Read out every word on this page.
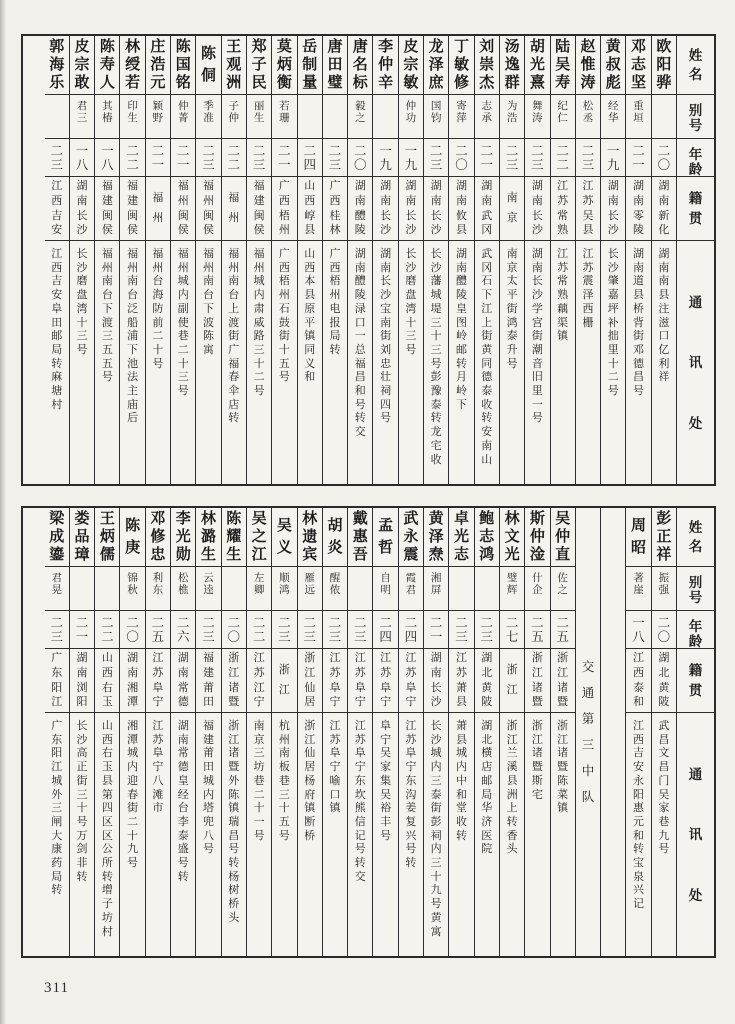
姓
名
别
号
年
龄
籍
贯
通
讯
处
欧
阳
骅
二
〇
湖
南
新
化
湖
南
南
县
注
滋
口
亿
利
祥
邓
志
坚
重
垣
二
一
湖
南
零
陵
湖
南
道
县
桥
背
街
邓
德
昌
号
黄
叔
彪
经
华
一
九
湖
南
长
沙
长
沙
肇
嘉
坪
补
拙
里
十
二
号
赵
惟
涛
松
丞
二
三
江
苏
吴
县
江
苏
震
泽
西
栅
陆
吴
寿
纪
仁
二
二
江
苏
常
熟
江
苏
常
熟
藕
渠
镇
胡
光
熹
舞
涛
二
三
湖
南
长
沙
湖
南
长
沙
学
宫
街
潮
音
旧
里
一
号
汤
逸
群
为
浩
二
三
南
京
南
京
太
平
街
鸿
泰
升
号
刘
崇
杰
志
承
二
一
湖
南
武
冈
武
冈
石
下
江
上
街
黄
同
德
泰
收
转
安
南
山
丁
敏
修
寄
萍
二
〇
湖
南
攸
县
湖
南
醴
陵
皇
图
岭
邮
转
月
岭
下
龙
泽
庶
国
钧
二
三
湖
南
长
沙
长
沙
藩
城
堤
三
十
三
号
彭
豫
泰
转
龙
宅
收
皮
宗
敏
仲
功
一
九
湖
南
长
沙
长
沙
磨
盘
湾
十
三
号
李
仲
辛
一
九
湖
南
长
沙
湖
南
长
沙
宝
南
街
刘
忠
壮
祠
四
号
唐
名
标
毅
之
二
〇
湖
南
醴
陵
湖
南
醴
陵
渌
口
一
总
福
昌
和
号
转
交
唐
田
璧
二
三
广
西
桂
林
广
西
梧
州
电
报
局
转
岳
制
量
二
四
山
西
崞
县
山
西
本
县
原
平
镇
同
义
和
莫
炳
衡
若
珊
二
一
广
西
梧
州
广
西
梧
州
石
鼓
街
十
五
号
郑
子
民
丽
生
二
三
福
建
闽
侯
福
州
城
内
肃
威
路
三
十
二
号
王
观
洲
子
仲
二
二
福
州
福
州
南
台
上
渡
街
广
福
春
伞
店
转
陈
侗
季
准
二
三
福
州
闽
侯
福
州
南
台
下
波
陈
寓
陈
国
铭
仲
菁
二
一
福
州
闽
侯
福
州
城
内
副
使
巷
二
十
三
号
庄
浩
元
颖
野
二
一
福
州
福
州
台
海
防
前
二
十
号
林
绶
若
印
生
二
二
福
建
闽
侯
福
州
南
台
泛
船
浦
下
池
法
主
庙
后
陈
寿
人
其
椿
一
八
福
建
闽
侯
福
州
南
台
下
渡
三
五
五
号
皮
宗
敢
君
三
一
八
湖
南
长
沙
长
沙
磨
盘
湾
十
三
号
郭
海
乐
二
三
江
西
吉
安
江
西
吉
安
阜
田
邮
局
转
麻
塘
村
姓
名
别
号
年
龄
籍
贯
通
讯
处
彭
正
祥
振
强
二
〇
湖
北
黄
陂
武
昌
文
昌
门
吴
家
巷
九
号
周
昭
著
崖
一
八
江
西
泰
和
江
西
吉
安
永
阳
惠
元
和
转
宝
泉
兴
记
交
通
第
三
中
队
吴
仲
直
佐
之
二
五
浙
江
诸
暨
浙
江
诸
暨
陈
菜
镇
斯
仲
淦
什
企
二
五
浙
江
诸
暨
浙
江
诸
暨
斯
宅
林
文
光
璧
辉
二
七
浙
江
浙
江
兰
溪
县
洲
上
转
香
头
鲍
志
鸿
二
三
湖
北
黄
陂
湖
北
横
店
邮
局
华
济
医
院
卓
光
志
二
三
江
苏
萧
县
萧
县
城
内
中
和
堂
收
转
黄
泽
焘
湘
屏
二
一
湖
南
长
沙
长
沙
城
内
三
泰
街
彭
祠
内
三
十
九
号
黄
寓
武
永
震
霞
君
二
四
江
苏
阜
宁
江
苏
阜
宁
东
沟
姜
复
兴
号
转
孟
哲
自
明
二
四
江
苏
阜
宁
阜
宁
吴
家
集
吴
裕
丰
号
戴
惠
吾
二
三
江
苏
阜
宁
江
苏
阜
宁
东
坎
熊
信
记
号
转
交
胡
炎
醒
侬
二
三
江
苏
阜
宁
江
苏
阜
宁
喻
口
镇
林
遗
宾
雁
远
二
三
浙
江
仙
居
浙
江
仙
居
杨
府
镇
断
桥
吴
义
顺
鸿
二
三
浙
江
杭
州
南
板
巷
三
十
五
号
吴
之
江
左
卿
二
二
江
苏
江
宁
南
京
三
坊
巷
二
十
一
号
陈
耀
生
二
〇
浙
江
诸
暨
浙
江
诸
暨
外
陈
镇
瑞
昌
号
转
杨
树
桥
头
林
潞
生
云
逵
二
三
福
建
莆
田
福
建
莆
田
城
内
塔
兜
八
号
李
光
勋
松
樵
二
六
湖
南
常
德
湖
南
常
德
皇
经
台
李
泰
盛
号
转
邓
修
忠
利
东
二
五
江
苏
阜
宁
江
苏
阜
宁
八
滩
市
陈
庚
锦
秋
二
〇
湖
南
湘
潭
湘
潭
城
内
迎
春
街
二
十
九
号
王
炳
儒
二
二
山
西
右
玉
山
西
右
玉
县
第
四
区
区
公
所
转
增
子
坊
村
娄
品
璋
二
一
湖
南
浏
阳
长
沙
高
正
街
三
十
号
万
剑
非
转
梁
成
鎏
君
晃
二
三
广
东
阳
江
广
东
阳
江
城
外
三
闸
大
康
药
局
转
311
